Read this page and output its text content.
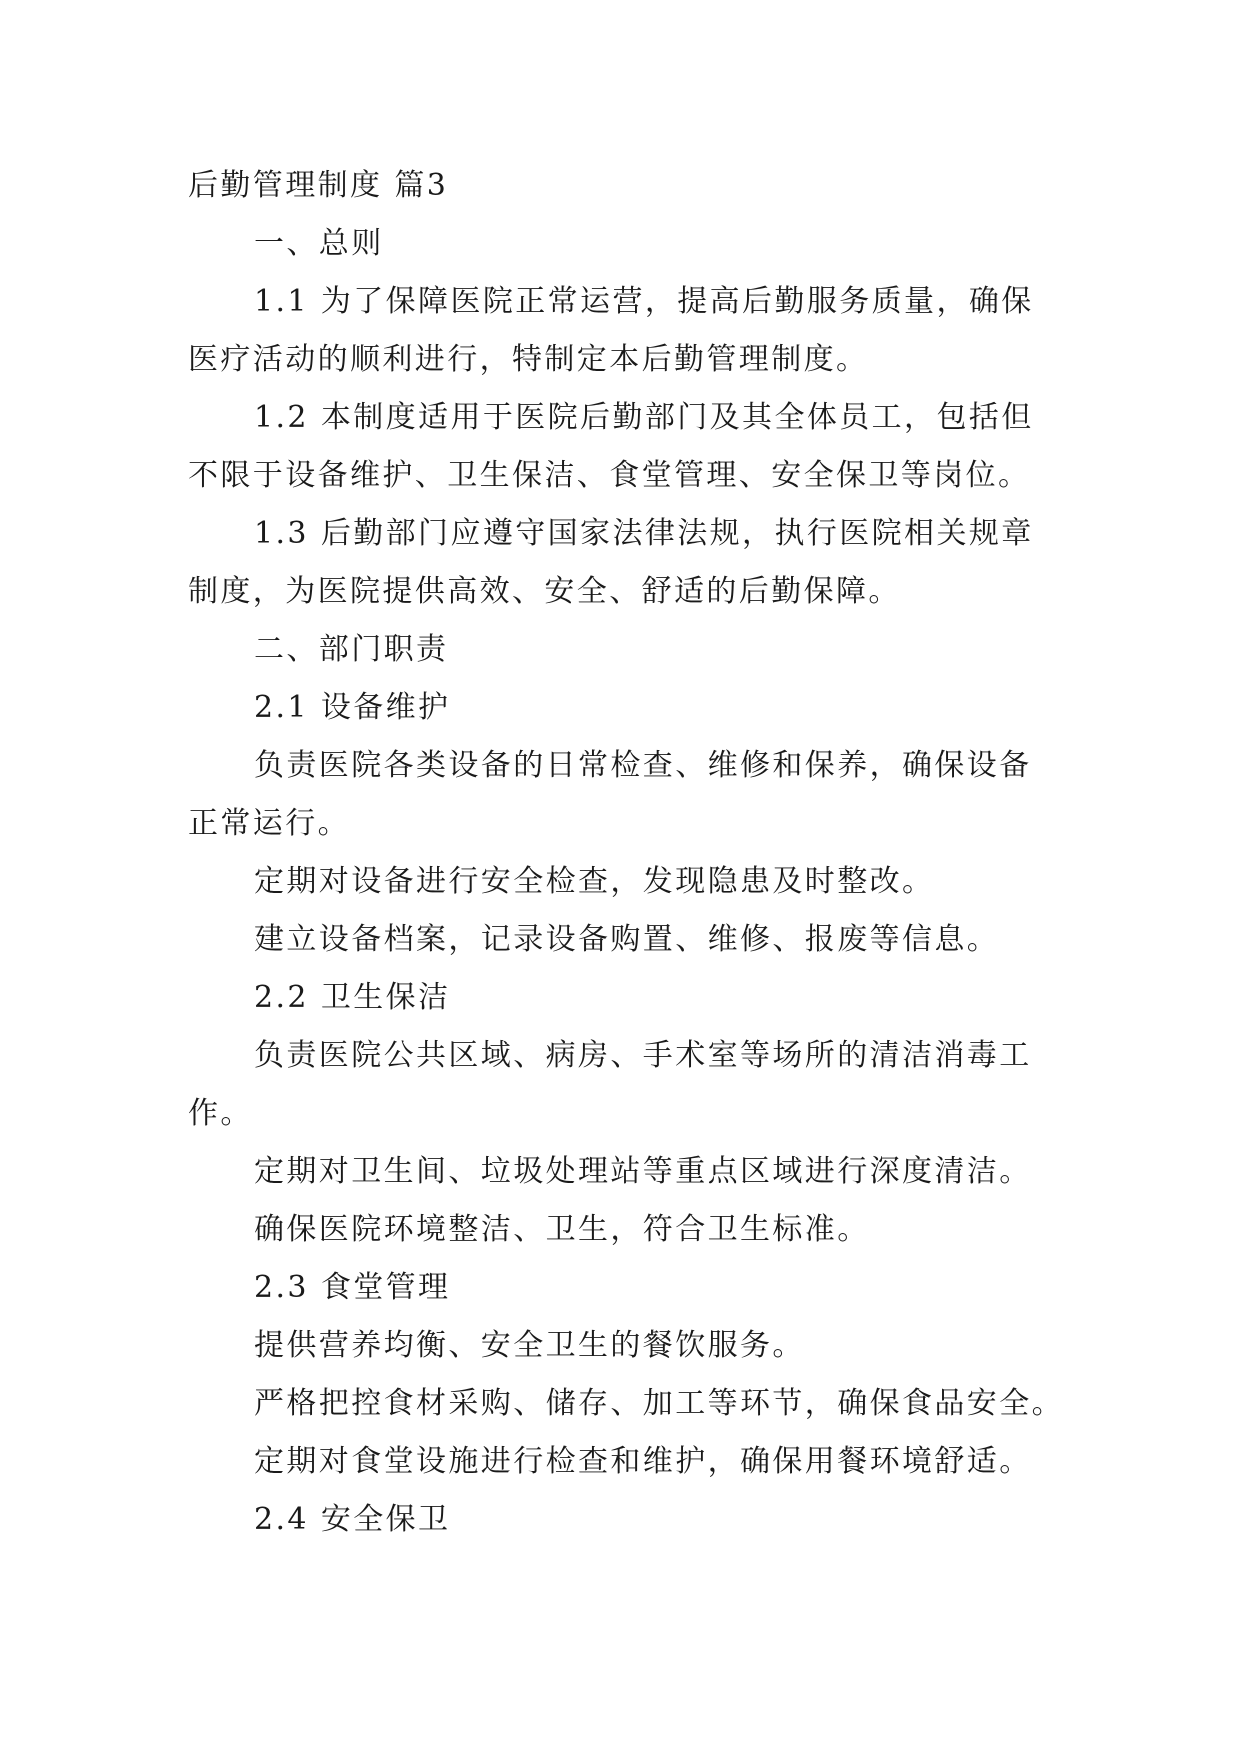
后勤管理制度 篇3
一、总则
1.1 为了保障医院正常运营，提高后勤服务质量，确保
医疗活动的顺利进行，特制定本后勤管理制度。
1.2 本制度适用于医院后勤部门及其全体员工，包括但
不限于设备维护、卫生保洁、食堂管理、安全保卫等岗位。
1.3 后勤部门应遵守国家法律法规，执行医院相关规章
制度，为医院提供高效、安全、舒适的后勤保障。
二、部门职责
2.1 设备维护
负责医院各类设备的日常检查、维修和保养，确保设备
正常运行。
定期对设备进行安全检查，发现隐患及时整改。
建立设备档案，记录设备购置、维修、报废等信息。
2.2 卫生保洁
负责医院公共区域、病房、手术室等场所的清洁消毒工
作。
定期对卫生间、垃圾处理站等重点区域进行深度清洁。
确保医院环境整洁、卫生，符合卫生标准。
2.3 食堂管理
提供营养均衡、安全卫生的餐饮服务。
严格把控食材采购、储存、加工等环节，确保食品安全。
定期对食堂设施进行检查和维护，确保用餐环境舒适。
2.4 安全保卫
